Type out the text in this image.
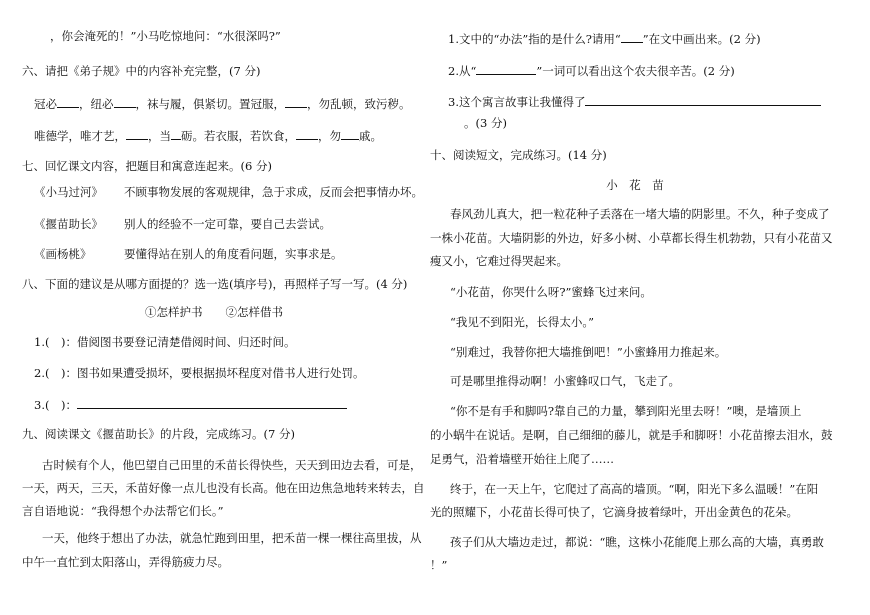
，你会淹死的！”小马吃惊地问：“水很深吗?”
六、请把《弟子规》中的内容补充完整，(7 分)
冠必 ，纽必 ，袜与履，俱紧切。置冠服， ，勿乱顿，致污秽。
唯德学，唯才艺， ，当 砺。若衣服，若饮食， ，勿 戚。
七、回忆课文内容，把题目和寓意连起来。(6 分)
《小马过河》 不顾事物发展的客观规律，急于求成，反而会把事情办坏。
《揠苗助长》 别人的经验不一定可靠，要自己去尝试。
《画杨桃》	要懂得站在别人的角度看问题，实事求是。
八、下面的建议是从哪方面提的？选一选(填序号)，再照样子写一写。(4 分)
①怎样护书　　②怎样借书
1.(　)：借阅图书要登记清楚借阅时间、归还时间。
2.(　)：图书如果遭受损坏，要根据损坏程度对借书人进行处罚。
3.(　)：
九、阅读课文《揠苗助长》的片段，完成练习。(7 分)
古时候有个人，他巴望自己田里的禾苗长得快些，天天到田边去看，可是，
一天，两天，三天，禾苗好像一点儿也没有长高。他在田边焦急地转来转去，自
言自语地说：“我得想个办法帮它们长。”
一天，他终于想出了办法，就急忙跑到田里，把禾苗一棵一棵往高里拔，从
中午一直忙到太阳落山，弄得筋疲力尽。
1.文中的“办法”指的是什么?请用“ ”在文中画出来。(2 分)
2.从“	”一词可以看出这个农夫很辛苦。(2 分)
3.这个寓言故事让我懂得了
。(3 分)
十、阅读短文，完成练习。(14 分)
小　花　苗
春风劲儿真大，把一粒花种子丢落在一堵大墙的阴影里。不久，种子变成了
一株小花苗。大墙阴影的外边，好多小树、小草都长得生机勃勃，只有小花苗又
瘦又小，它难过得哭起来。
“小花苗，你哭什么呀?”蜜蜂飞过来问。
“我见不到阳光，长得太小。”
“别难过，我替你把大墙推倒吧！”小蜜蜂用力推起来。
可是哪里推得动啊！小蜜蜂叹口气，飞走了。
“你不是有手和脚吗?靠自己的力量，攀到阳光里去呀！”噢，是墙顶上
的小蜗牛在说话。是啊，自己细细的藤儿，就是手和脚呀！小花苗擦去泪水，鼓
足勇气，沿着墙壁开始往上爬了……
终于，在一天上午，它爬过了高高的墙顶。“啊，阳光下多么温暖！”在阳
光的照耀下，小花苗长得可快了，它滴身披着绿叶，开出金黄色的花朵。
孩子们从大墙边走过，都说：“瞧，这株小花能爬上那么高的大墙，真勇敢
！”
